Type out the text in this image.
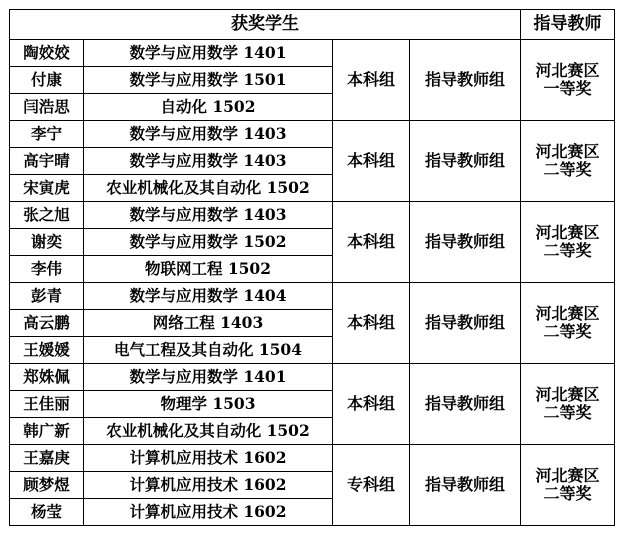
获奖学生				指导教师	
陶姣姣	数学与应用数学 1401	本科组	指导教师组	河北赛区
一等奖	

付康	数学与应用数学 1501				
闫浩思	自动化 1502				
李宁	数学与应用数学 1403	本科组	指导教师组	河北赛区
二等奖	

高宇晴	数学与应用数学 1403				
宋寅虎	农业机械化及其自动化 1502				
张之旭	数学与应用数学 1403	本科组	指导教师组	河北赛区
二等奖	

谢奕	数学与应用数学 1502				
李伟	物联网工程 1502				
彭青	数学与应用数学 1404	本科组	指导教师组	河北赛区
二等奖	

高云鹏	网络工程 1403				
王媛媛	电气工程及其自动化 1504				
郑姝佩	数学与应用数学 1401	本科组	指导教师组	河北赛区
二等奖	

王佳丽	物理学 1503				
韩广新	农业机械化及其自动化 1502				
王嘉庚	计算机应用技术 1602	专科组	指导教师组	河北赛区
二等奖	

顾梦煜	计算机应用技术 1602				
杨莹	计算机应用技术 1602				
